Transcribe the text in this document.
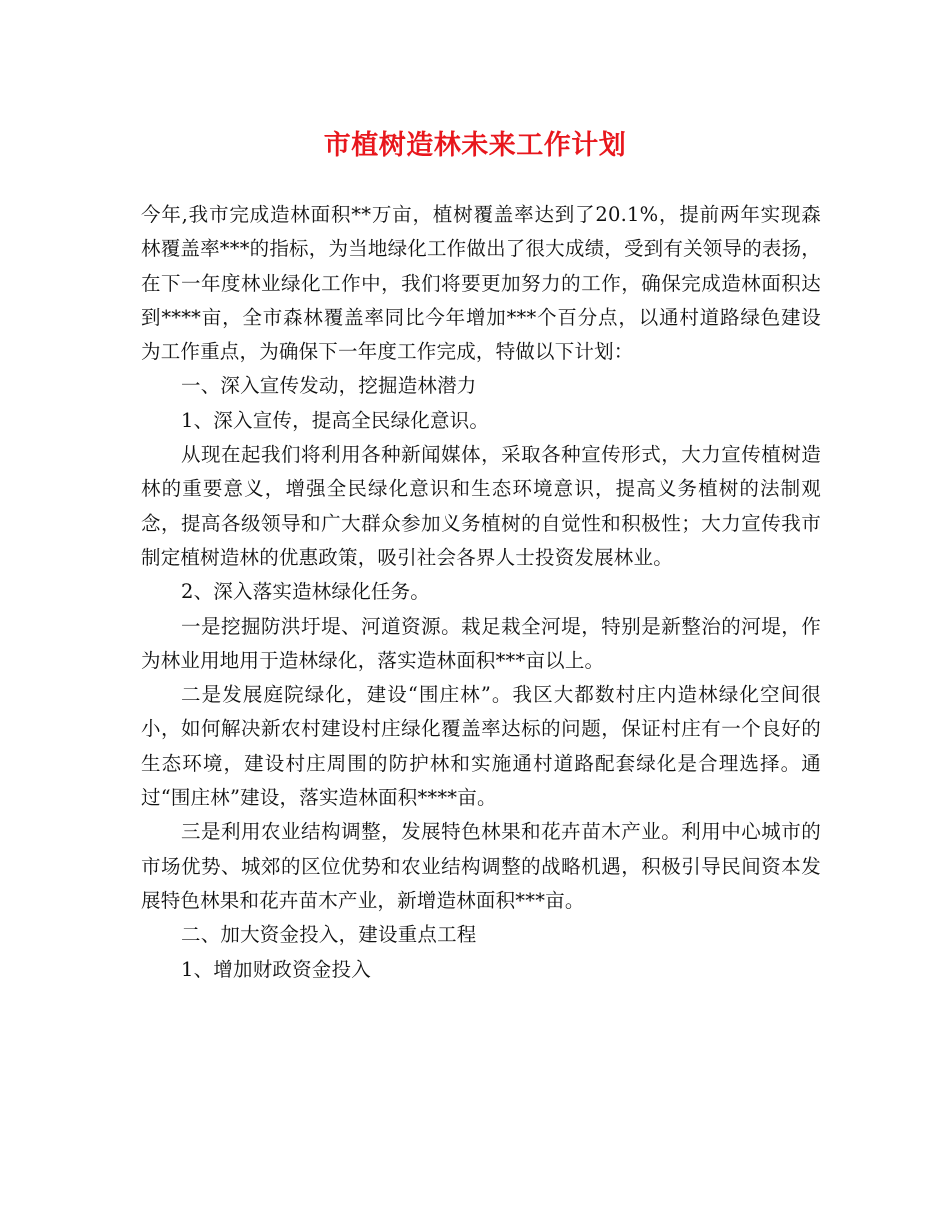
市植树造林未来工作计划

今年,我市完成造林面积**万亩，植树覆盖率达到了20.1%，提前两年实现森林覆盖率***的指标，为当地绿化工作做出了很大成绩，受到有关领导的表扬，在下一年度林业绿化工作中，我们将要更加努力的工作，确保完成造林面积达到****亩，全市森林覆盖率同比今年增加***个百分点，以通村道路绿色建设为工作重点，为确保下一年度工作完成，特做以下计划：

一、深入宣传发动，挖掘造林潜力

1、深入宣传，提高全民绿化意识。

从现在起我们将利用各种新闻媒体，采取各种宣传形式，大力宣传植树造林的重要意义，增强全民绿化意识和生态环境意识，提高义务植树的法制观念，提高各级领导和广大群众参加义务植树的自觉性和积极性；大力宣传我市制定植树造林的优惠政策，吸引社会各界人士投资发展林业。

2、深入落实造林绿化任务。

一是挖掘防洪圩堤、河道资源。栽足栽全河堤，特别是新整治的河堤，作为林业用地用于造林绿化，落实造林面积***亩以上。

二是发展庭院绿化，建设“围庄林”。我区大都数村庄内造林绿化空间很小，如何解决新农村建设村庄绿化覆盖率达标的问题，保证村庄有一个良好的生态环境，建设村庄周围的防护林和实施通村道路配套绿化是合理选择。通过“围庄林”建设，落实造林面积****亩。

三是利用农业结构调整，发展特色林果和花卉苗木产业。利用中心城市的市场优势、城郊的区位优势和农业结构调整的战略机遇，积极引导民间资本发展特色林果和花卉苗木产业，新增造林面积***亩。

二、加大资金投入，建设重点工程

1、增加财政资金投入
